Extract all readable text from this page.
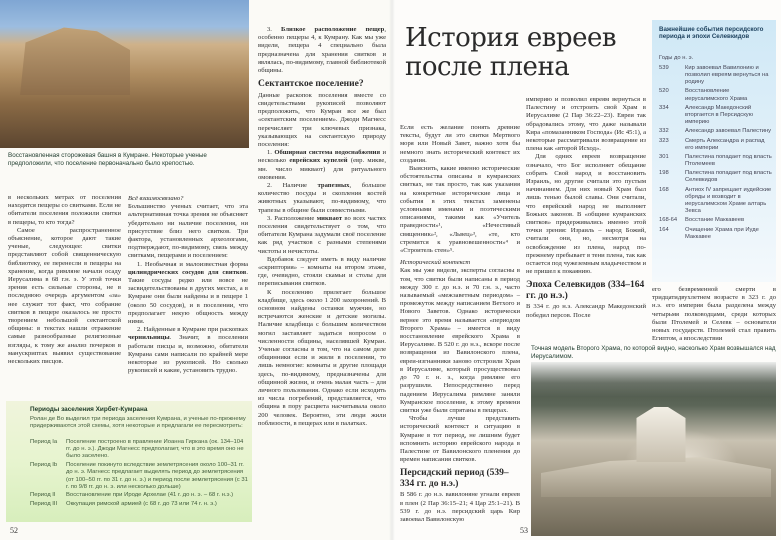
Восстановленная сторожевая башня в Кумране. Некоторые ученые предположили, что поселение первоначально было крепостью.

в нескольких метрах от поселения находятся пещеры со свитками. Если не обитатели поселения положили свитки в пещеры, то кто тогда?

Самое распространенное объяснение, которое дают такие ученые, следующее: свитки представляют собой священническую библиотеку, ее перенесли в пещеры на хранение, когда римляне начали осаду Иерусалима в 68 г.н. э. У этой точки зрения есть сильные стороны, не в последнюю очередь аргументом «за» нее служит тот факт, что собрание свитков в пещере оказалось не просто творением небольшой сектантской общины: в текстах нашли отражение самые разнообразные религиозные взгляды, к тому же анализ почерков в манускриптах выявил существование нескольких писцов.

Всё взаимосвязано?

Большинство ученых считает, что эта альтернативная точка зрения не объясняет убедительно ни наличие поселения, ни присутствие близ него свитков. Три фактора, установленных археологами, подтверждают, по-видимому, связь между свитками, пещерами и поселением:

1. Необычная и малоизвестная форма цилиндрических сосудов для свитков. Такие сосуды редко или вовсе не засвидетельствованы в других местах, а в Кумране они были найдены и в пещере 1 (около 50 сосудов), и в поселении, что предполагает некую общность между ними.

2. Найденные в Кумране при раскопках чернильницы. Значит, в поселении работали писцы и, возможно, обитатели Кумрана сами написали по крайней мере некоторые из рукописей. Но сколько рукописей и какие, установить трудно.

3. Близкое расположение пещер, особенно пещеры 4, к Кумрану. Как мы уже видели, пещера 4 специально была предназначена для хранения свитков и являлась, по-видимому, главной библиотекой общины.

Сектантское поселение?

Данные раскопок поселения вместе со свидетельствами рукописей позволяют предположить, что Кумран все же был «сектантским поселением». Джоди Магнесс перечисляет три ключевых признака, указывающих на сектантскую природу поселения:

1. Обширная система водоснабжения и несколько еврейских купелей (евр. микве, мн. число микваот) для ритуального омовения.

2. Наличие трапезных, большое количество посуды и скопления костей животных указывают, по-видимому, что трапезы в общине были совместными.

3. Расположение микваот во всех частях поселения свидетельствует о том, что обитатели Кумрана задумали своё поселение как ряд участков с разными степенями чистоты и нечистоты.

Вдобавок следует иметь в виду наличие «скриптория» – комнаты на втором этаже, где, очевидно, стояли скамьи и столы для переписывания свитков.

К поселению прилегает большое кладбище, здесь около 1 200 захоронений. В основном найдены останки мужчин, но встречаются женские и детские могилы. Наличие кладбища с большим количеством могил заставляет задаться вопросом о численности общины, населявшей Кумран. Ученые согласны в том, что на самом деле общинники если и жили в поселении, то лишь немногие: комнаты и другие площади здесь, по-видимому, предназначены для общинной жизни, и очень малая часть – для личного пользования. Однако если исходить из числа погребений, представляется, что община в пору расцвета насчитывала около 200 человек. Вероятно, эти люди жили поблизости, в пещерах или в палатках.

Периоды заселения Хирбет-Кумрана
Ролан де Во выделил три периода заселения Кумрана, и ученые по-прежнему придерживаются этой схемы, хотя некоторые и предлагали ее пересмотреть:
Период Ia	Поселение построено в правление Иоанна Гиркана (ок. 134–104 гг. до н. э.). Джоди Магнесс предполагает, что в это время оно не было заселено.
Период Ib	Поселение покинуто вследствие землетрясения около 100–31 гг. до н. э. Магнесс предлагает выделять период до землетрясения (от 100–50 гг. по 31 г. до н. э.) и период после землетрясения (с 31 г. по 9/8 гг. до н. э. или несколько дольше)
Период II	Восстановление при Ироде Архелае (41 г. до н. э. – 68 г. н.э.)
Период III	Оккупация римской армией (с 68 г. до 73 или 74 г. н. э.)
52
История евреев
после плена

Если есть желание понять древние тексты, будут ли это свитки Мертвого моря или Новый Завет, важно хотя бы немного знать исторический контекст их создания.

Выяснить, какие именно исторические обстоятельства описаны в кумранских свитках, не так просто, так как указания на конкретные исторические лица и события в этих текстах заменены условными именами и поэтическими описаниями, такими как «Учитель праведности»¹, «Нечестивый священник»², «Львец»³, «те, кто стремится к уравновешенности»⁴ и «Строитель стен»⁵.

Исторический контекст

Как мы уже видели, эксперты согласны в том, что свитки были написаны в период между 300 г. до н.э. и 70 г.н. э., часто называемый «межзаветным периодом» – промежуток между написанием Ветхого и Нового Заветов. Однако исторически вернее это время называется «периодом Второго Храма» – имеется в виду восстановление еврейского Храма в Иерусалиме. В 520 г. до н.э., вскоре после возвращения из Вавилонского плена, евреи-изгнанники заново отстроили Храм в Иерусалиме, который просуществовал до 70 г. н. э., когда римляне его разрушили. Непосредственно перед падением Иерусалима римляне заняли Кумранское поселение, к этому времени свитки уже были спрятаны в пещерах.

Чтобы лучше представить исторический контекст и ситуацию в Кумране в тот период, не лишним будет вспомнить историю еврейского народа в Палестине от Вавилонского пленения до времен написания свитков.

Персидский период (539–334 гг. до н.э.)

В 586 г. до н.э. вавилоняне угнали евреев в плен (2 Пар 36:15–21; 4 Цар 25:1–21). В 539 г. до н.э. персидский царь Кир завоевал Вавилонскую

империю и позволил евреям вернуться в Палестину и отстроить свой Храм в Иерусалиме (2 Пар 36:22–23). Евреи так обрадовались этому, что даже называли Кира «помазанником Господа» (Ис 45:1), а некоторые рассматривали возвращение из плена как «второй Исход».

Для одних евреев возвращение означало, что Бог исполняет обещание собрать Свой народ и восстановить Израиль, но другие считали это пустым начинанием. Для них новый Храм был лишь тенью былой славы. Они считали, что еврейский народ не выполняет Божьих законов. В «общине кумранских свитков» придерживались именно этой точки зрения: Израиль – народ Божий, считали они, но, несмотря на освобождение из плена, народ по-прежнему пребывает в тени плена, так как остается под чужеземным владычеством и не пришел к покаянию.

Эпоха Селевкидов (334–164 гг. до н.э.)

В 334 г. до н.э. Александр Македонский победил персов. После

его безвременной смерти в тридцатидвухлетнем возрасте в 323 г. до н.э. его империя была разделена между четырьмя полководцами, среди которых были Птолемей и Селевк – основатели новых государств. Птолемей стал править Египтом, а впоследствии

Важнейшие события персидского периода и эпохи Селевкидов
Годы до н. э.
539	Кир завоевал Вавилонию и позволил евреям вернуться на родину
520	Восстановление иерусалимского Храма
334	Александр Македонский вторгается в Персидскую империю
332	Александр завоевал Палестину
323	Смерть Александра и распад его империи
301	Палестина попадает под власть Птолемеев
198	Палестина попадает под власть Селевкидов
168	Антиох IV запрещает иудейские обряды и возводит в иерусалимском Храме алтарь Зевса
168-64	Восстание Маккавеев
164	Очищение Храма при Иуде Маккавее
Точная модель Второго Храма, по которой видно, насколько Храм возвышался над Иерусалимом.
53
